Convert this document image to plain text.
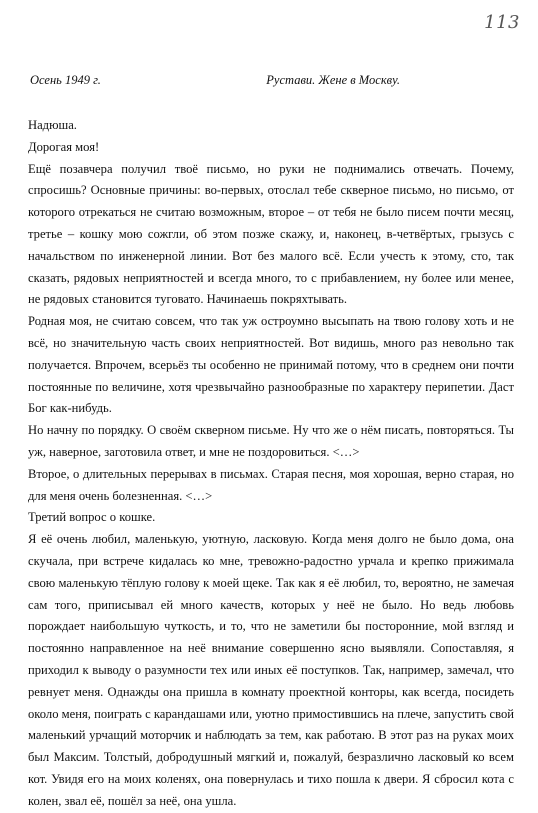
113
Осень 1949 г.	Рустави. Жене в Москву.

Надюша.

Дорогая моя!

Ещё позавчера получил твоё письмо, но руки не поднимались отвечать. Почему, спросишь? Основные причины: во-первых, отослал тебе скверное письмо, но письмо, от которого отрекаться не считаю возможным, второе – от тебя не было писем почти месяц, третье – кошку мою сожгли, об этом позже скажу, и, наконец, в-четвёртых, грызусь с начальством по инженерной линии. Вот без малого всё. Если учесть к этому, сто, так сказать, рядовых неприятностей и всегда много, то с прибавлением, ну более или менее, не рядовых становится туговато. Начинаешь покряхтывать.

Родная моя, не считаю совсем, что так уж остроумно высыпать на твою голову хоть и не всё, но значительную часть своих неприятностей. Вот видишь, много раз невольно так получается. Впрочем, всерьёз ты особенно не принимай потому, что в среднем они почти постоянные по величине, хотя чрезвычайно разнообразные по характеру перипетии. Даст Бог как-нибудь.

Но начну по порядку. О своём скверном письме. Ну что же о нём писать, повторяться. Ты уж, наверное, заготовила ответ, и мне не поздоровиться. <…>

Второе, о длительных перерывах в письмах. Старая песня, моя хорошая, верно старая, но для меня очень болезненная. <…>

Третий вопрос о кошке.

Я её очень любил, маленькую, уютную, ласковую. Когда меня долго не было дома, она скучала, при встрече кидалась ко мне, тревожно-радостно урчала и крепко прижимала свою маленькую тёплую голову к моей щеке. Так как я её любил, то, вероятно, не замечая сам того, приписывал ей много качеств, которых у неё не было. Но ведь любовь порождает наибольшую чуткость, и то, что не заметили бы посторонние, мой взгляд и постоянно направленное на неё внимание совершенно ясно выявляли. Сопоставляя, я приходил к выводу о разумности тех или иных её поступков. Так, например, замечал, что ревнует меня. Однажды она пришла в комнату проектной конторы, как всегда, посидеть около меня, поиграть с карандашами или, уютно примостившись на плече, запустить свой маленький урчащий моторчик и наблюдать за тем, как работаю. В этот раз на руках моих был Максим. Толстый, добродушный мягкий и, пожалуй, безразлично ласковый ко всем кот. Увидя его на моих коленях, она повернулась и тихо пошла к двери. Я сбросил кота с колен, звал её, пошёл за неё, она ушла.
